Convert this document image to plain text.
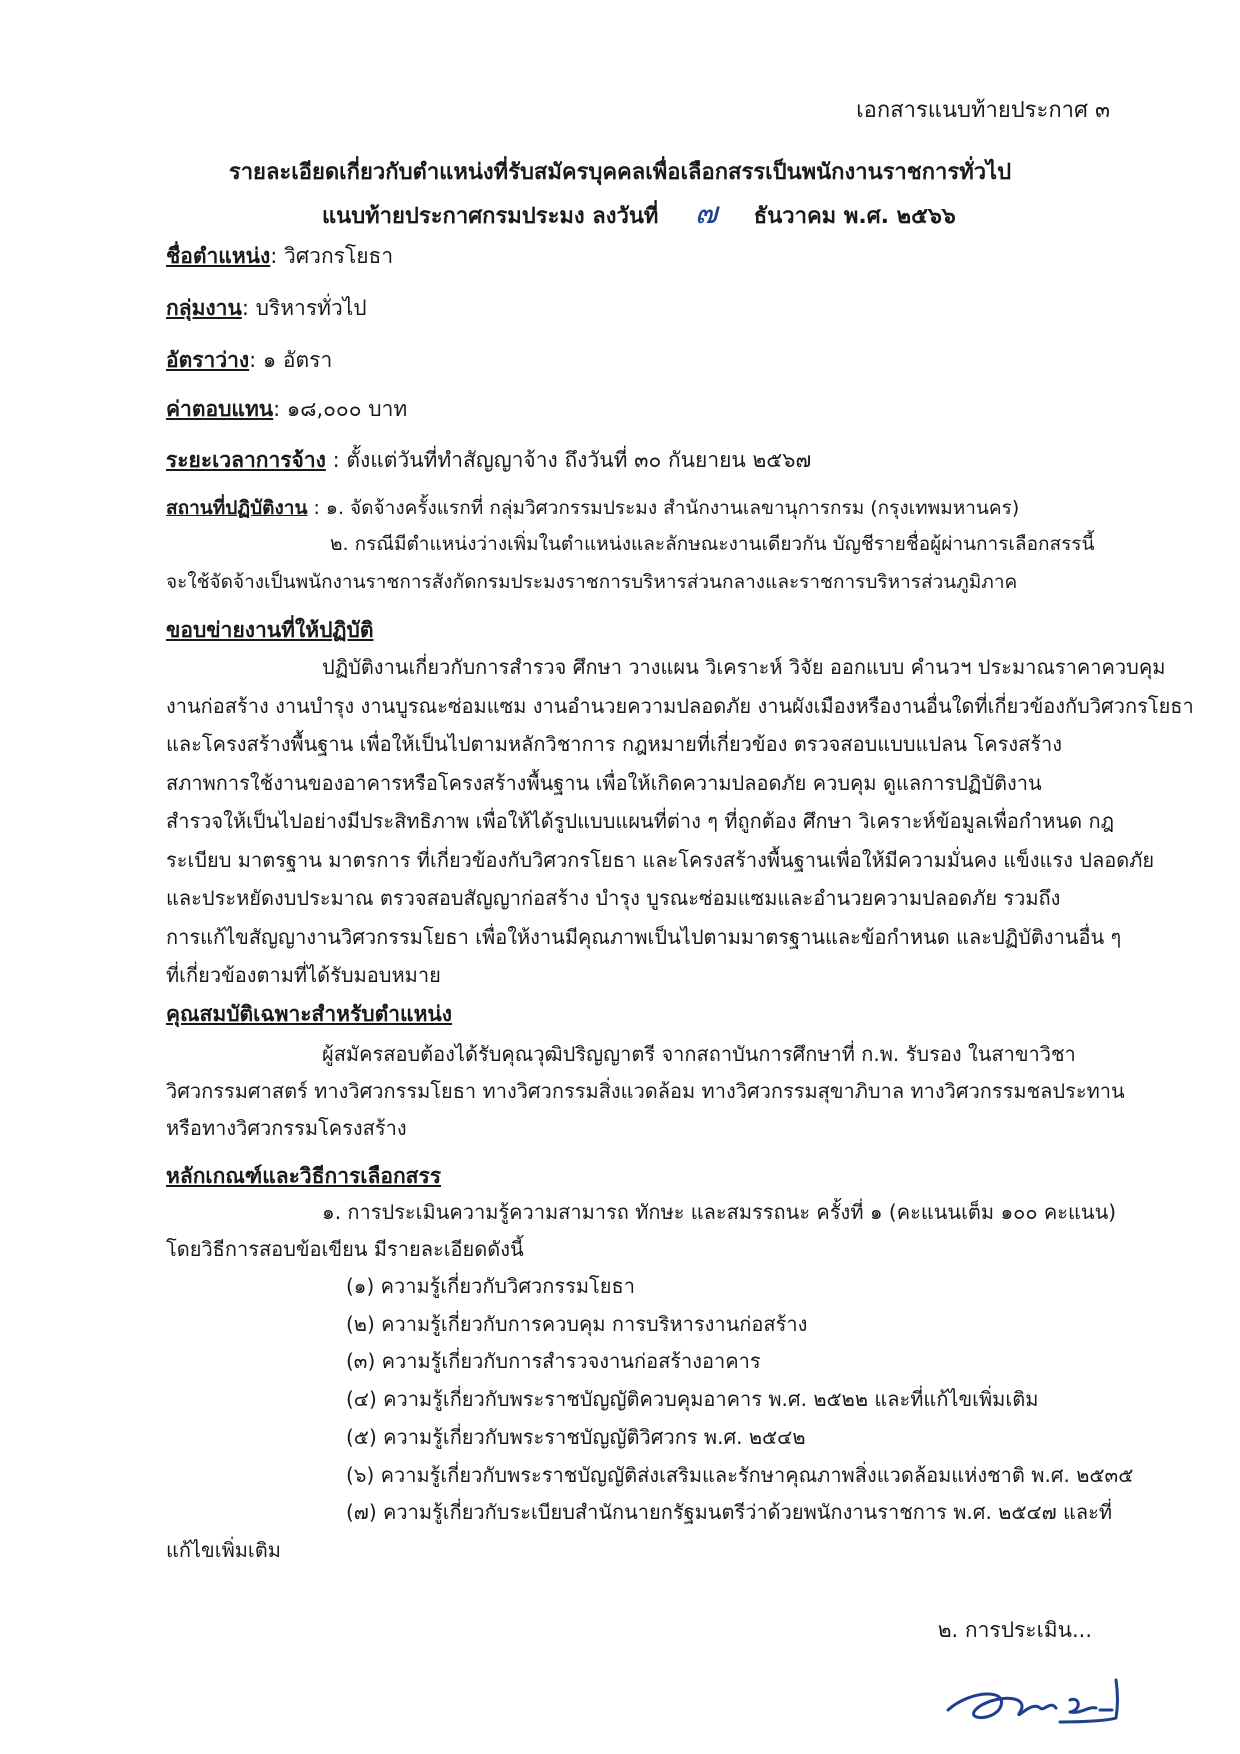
เอกสารแนบท้ายประกาศ ๓
รายละเอียดเกี่ยวกับตำแหน่งที่รับสมัครบุคคลเพื่อเลือกสรรเป็นพนักงานราชการทั่วไป
แนบท้ายประกาศกรมประมง ลงวันที่ ๗ ธันวาคม พ.ศ. ๒๕๖๖
ชื่อตำแหน่ง: วิศวกรโยธา
กลุ่มงาน: บริหารทั่วไป
อัตราว่าง: ๑ อัตรา
ค่าตอบแทน: ๑๘,๐๐๐ บาท
ระยะเวลาการจ้าง : ตั้งแต่วันที่ทำสัญญาจ้าง ถึงวันที่ ๓๐ กันยายน ๒๕๖๗
สถานที่ปฏิบัติงาน : ๑. จัดจ้างครั้งแรกที่ กลุ่มวิศวกรรมประมง สำนักงานเลขานุการกรม (กรุงเทพมหานคร)
๒. กรณีมีตำแหน่งว่างเพิ่มในตำแหน่งและลักษณะงานเดียวกัน บัญชีรายชื่อผู้ผ่านการเลือกสรรนี้
จะใช้จัดจ้างเป็นพนักงานราชการสังกัดกรมประมงราชการบริหารส่วนกลางและราชการบริหารส่วนภูมิภาค
ขอบข่ายงานที่ให้ปฏิบัติ
ปฏิบัติงานเกี่ยวกับการสำรวจ ศึกษา วางแผน วิเคราะห์ วิจัย ออกแบบ คำนวฯ ประมาณราคาควบคุม
งานก่อสร้าง งานบำรุง งานบูรณะซ่อมแซม งานอำนวยความปลอดภัย งานผังเมืองหรืองานอื่นใดที่เกี่ยวข้องกับวิศวกรโยธา
และโครงสร้างพื้นฐาน เพื่อให้เป็นไปตามหลักวิชาการ กฎหมายที่เกี่ยวข้อง ตรวจสอบแบบแปลน โครงสร้าง
สภาพการใช้งานของอาคารหรือโครงสร้างพื้นฐาน เพื่อให้เกิดความปลอดภัย ควบคุม ดูแลการปฏิบัติงาน
สำรวจให้เป็นไปอย่างมีประสิทธิภาพ เพื่อให้ได้รูปแบบแผนที่ต่าง ๆ ที่ถูกต้อง ศึกษา วิเคราะห์ข้อมูลเพื่อกำหนด กฎ
ระเบียบ มาตรฐาน มาตรการ ที่เกี่ยวข้องกับวิศวกรโยธา และโครงสร้างพื้นฐานเพื่อให้มีความมั่นคง แข็งแรง ปลอดภัย
และประหยัดงบประมาณ ตรวจสอบสัญญาก่อสร้าง บำรุง บูรณะซ่อมแซมและอำนวยความปลอดภัย รวมถึง
การแก้ไขสัญญางานวิศวกรรมโยธา เพื่อให้งานมีคุณภาพเป็นไปตามมาตรฐานและข้อกำหนด และปฏิบัติงานอื่น ๆ
ที่เกี่ยวข้องตามที่ได้รับมอบหมาย
คุณสมบัติเฉพาะสำหรับตำแหน่ง
ผู้สมัครสอบต้องได้รับคุณวุฒิปริญญาตรี จากสถาบันการศึกษาที่ ก.พ. รับรอง ในสาขาวิชา
วิศวกรรมศาสตร์ ทางวิศวกรรมโยธา ทางวิศวกรรมสิ่งแวดล้อม ทางวิศวกรรมสุขาภิบาล ทางวิศวกรรมชลประทาน
หรือทางวิศวกรรมโครงสร้าง
หลักเกณฑ์และวิธีการเลือกสรร
๑. การประเมินความรู้ความสามารถ ทักษะ และสมรรถนะ ครั้งที่ ๑ (คะแนนเต็ม ๑๐๐ คะแนน)
โดยวิธีการสอบข้อเขียน มีรายละเอียดดังนี้
(๑) ความรู้เกี่ยวกับวิศวกรรมโยธา
(๒) ความรู้เกี่ยวกับการควบคุม การบริหารงานก่อสร้าง
(๓) ความรู้เกี่ยวกับการสำรวจงานก่อสร้างอาคาร
(๔) ความรู้เกี่ยวกับพระราชบัญญัติควบคุมอาคาร พ.ศ. ๒๕๒๒ และที่แก้ไขเพิ่มเติม
(๕) ความรู้เกี่ยวกับพระราชบัญญัติวิศวกร พ.ศ. ๒๕๔๒
(๖) ความรู้เกี่ยวกับพระราชบัญญัติส่งเสริมและรักษาคุณภาพสิ่งแวดล้อมแห่งชาติ พ.ศ. ๒๕๓๕
(๗) ความรู้เกี่ยวกับระเบียบสำนักนายกรัฐมนตรีว่าด้วยพนักงานราชการ พ.ศ. ๒๕๔๗ และที่
แก้ไขเพิ่มเติม
๒. การประเมิน...
